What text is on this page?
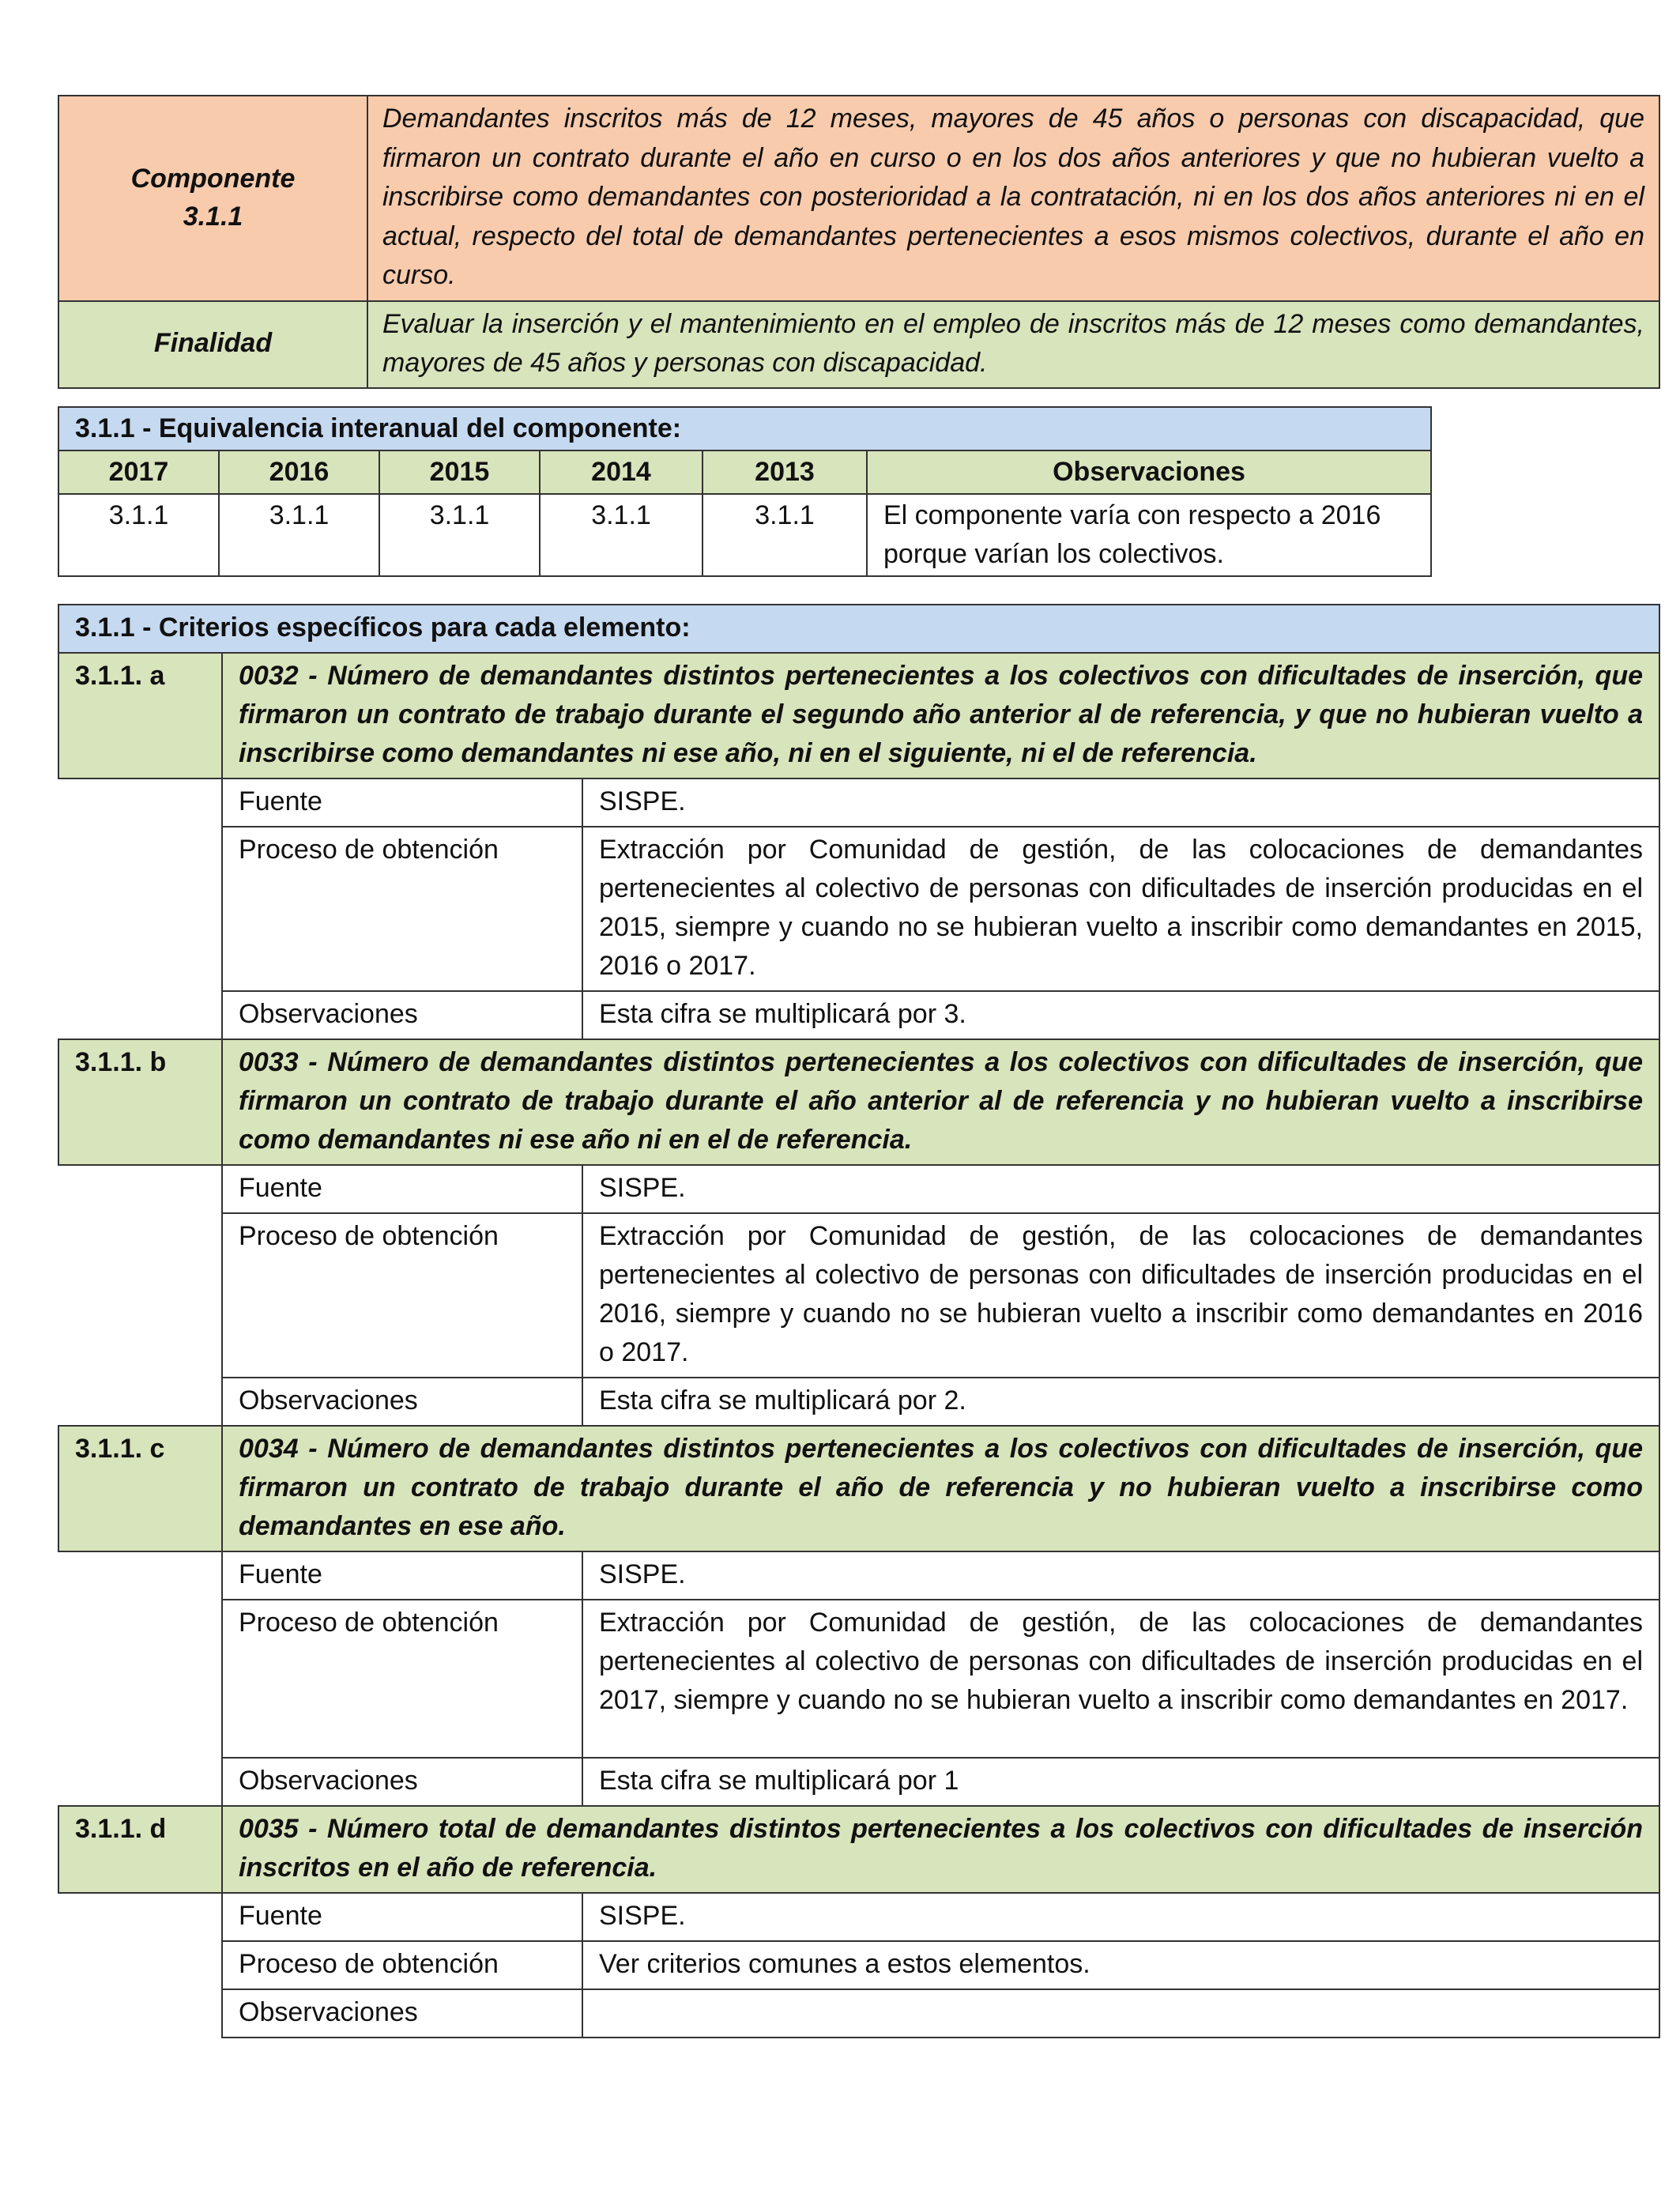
Componente
3.1.1	Demandantes inscritos más de 12 meses, mayores de 45 años o personas con discapacidad, que firmaron un contrato durante el año en curso o en los dos años anteriores y que no hubieran vuelto a inscribirse como demandantes con posterioridad a la contratación, ni en los dos años anteriores ni en el actual, respecto del total de demandantes pertenecientes a esos mismos colectivos, durante el año en curso.
Finalidad	Evaluar la inserción y el mantenimiento en el empleo de inscritos más de 12 meses como demandantes, mayores de 45 años y personas con discapacidad.
3.1.1 - Equivalencia interanual del componente:					
2017	2016	2015	2014	2013	Observaciones
3.1.1	3.1.1	3.1.1	3.1.1	3.1.1	El componente varía con respecto a 2016 porque varían los colectivos.
3.1.1 - Criterios específicos para cada elemento:		
3.1.1. a	0032 - Número de demandantes distintos pertenecientes a los colectivos con dificultades de inserción, que firmaron un contrato de trabajo durante el segundo año anterior al de referencia, y que no hubieran vuelto a inscribirse como demandantes ni ese año, ni en el siguiente, ni el de referencia.	
	Fuente	SISPE.
	Proceso de obtención	Extracción por Comunidad de gestión, de las colocaciones de demandantes pertenecientes al colectivo de personas con dificultades de inserción producidas en el 2015, siempre y cuando no se hubieran vuelto a inscribir como demandantes en 2015, 2016 o 2017.
	Observaciones	Esta cifra se multiplicará por 3.
3.1.1. b	0033 - Número de demandantes distintos pertenecientes a los colectivos con dificultades de inserción, que firmaron un contrato de trabajo durante el año anterior al de referencia y no hubieran vuelto a inscribirse como demandantes ni ese año ni en el de referencia.	
	Fuente	SISPE.
	Proceso de obtención	Extracción por Comunidad de gestión, de las colocaciones de demandantes pertenecientes al colectivo de personas con dificultades de inserción producidas en el 2016, siempre y cuando no se hubieran vuelto a inscribir como demandantes en 2016 o 2017.
	Observaciones	Esta cifra se multiplicará por 2.
3.1.1. c	0034 - Número de demandantes distintos pertenecientes a los colectivos con dificultades de inserción, que firmaron un contrato de trabajo durante el año de referencia y no hubieran vuelto a inscribirse como demandantes en ese año.	
	Fuente	SISPE.
	Proceso de obtención	Extracción por Comunidad de gestión, de las colocaciones de demandantes pertenecientes al colectivo de personas con dificultades de inserción producidas en el 2017, siempre y cuando no se hubieran vuelto a inscribir como demandantes en 2017.
	Observaciones	Esta cifra se multiplicará por 1
3.1.1. d	0035 - Número total de demandantes distintos pertenecientes a los colectivos con dificultades de inserción inscritos en el año de referencia.	
	Fuente	SISPE.
	Proceso de obtención	Ver criterios comunes a estos elementos.
	Observaciones	
